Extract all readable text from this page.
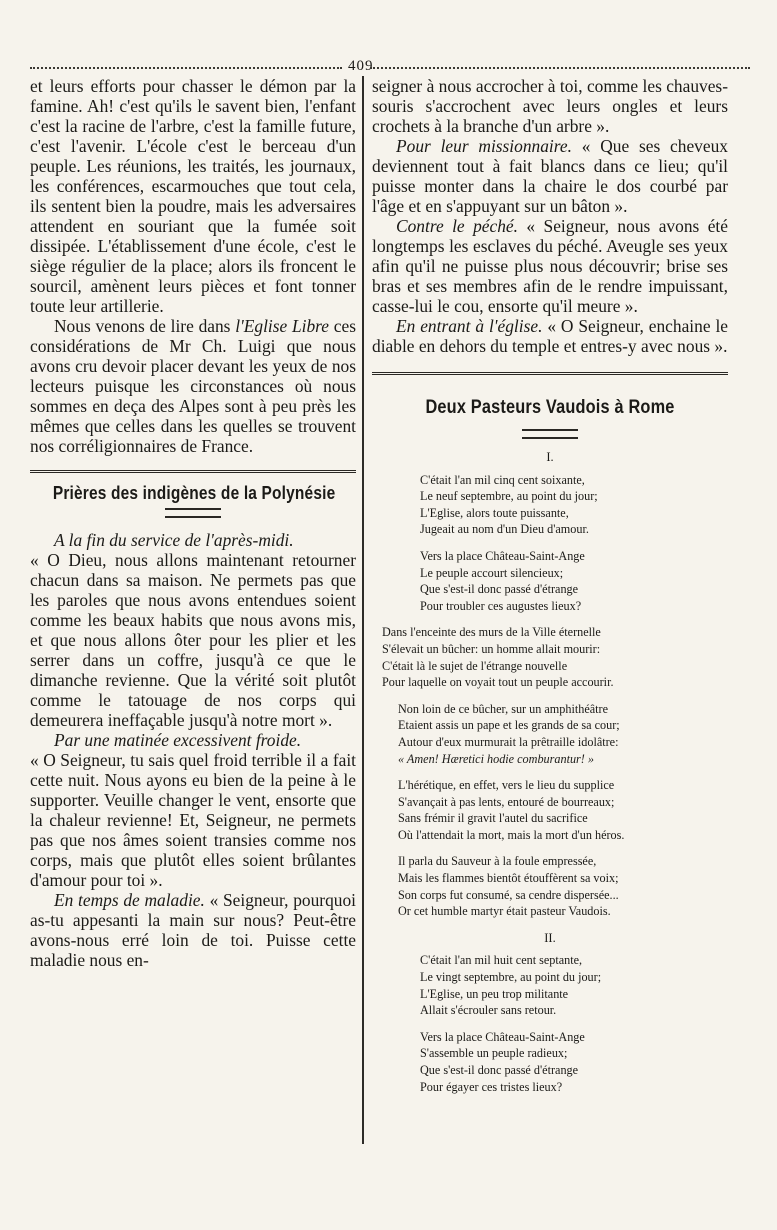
409

et leurs efforts pour chasser le démon par la famine. Ah! c'est qu'ils le savent bien, l'enfant c'est la racine de l'arbre, c'est la famille future, c'est l'avenir. L'école c'est le berceau d'un peuple. Les réunions, les traités, les journaux, les conférences, escarmouches que tout cela, ils sentent bien la poudre, mais les adversaires attendent en souriant que la fumée soit dissipée. L'établissement d'une école, c'est le siège régulier de la place; alors ils froncent le sourcil, amènent leurs pièces et font tonner toute leur artillerie.

Nous venons de lire dans l'Eglise Libre ces considérations de Mr Ch. Luigi que nous avons cru devoir placer devant les yeux de nos lecteurs puisque les circonstances où nous sommes en deça des Alpes sont à peu près les mêmes que celles dans les quelles se trouvent nos corréligionnaires de France.

Prières des indigènes de la Polynésie

A la fin du service de l'après-midi.

« O Dieu, nous allons maintenant retourner chacun dans sa maison. Ne permets pas que les paroles que nous avons entendues soient comme les beaux habits que nous avons mis, et que nous allons ôter pour les plier et les serrer dans un coffre, jusqu'à ce que le dimanche revienne. Que la vérité soit plutôt comme le tatouage de nos corps qui demeurera ineffaçable jusqu'à notre mort ».

Par une matinée excessivent froide.

« O Seigneur, tu sais quel froid terrible il a fait cette nuit. Nous ayons eu bien de la peine à le supporter. Veuille changer le vent, ensorte que la chaleur revienne! Et, Seigneur, ne permets pas que nos âmes soient transies comme nos corps, mais que plutôt elles soient brûlantes d'amour pour toi ».

En temps de maladie. « Seigneur, pourquoi as-tu appesanti la main sur nous? Peut-être avons-nous erré loin de toi. Puisse cette maladie nous en-

seigner à nous accrocher à toi, comme les chauves-souris s'accrochent avec leurs ongles et leurs crochets à la branche d'un arbre ».

Pour leur missionnaire. « Que ses cheveux deviennent tout à fait blancs dans ce lieu; qu'il puisse monter dans la chaire le dos courbé par l'âge et en s'appuyant sur un bâton ».

Contre le péché. « Seigneur, nous avons été longtemps les esclaves du péché. Aveugle ses yeux afin qu'il ne puisse plus nous découvrir; brise ses bras et ses membres afin de le rendre impuissant, casse-lui le cou, ensorte qu'il meure ».

En entrant à l'église. « O Seigneur, enchaine le diable en dehors du temple et entres-y avec nous ».

Deux Pasteurs Vaudois à Rome
I.
C'était l'an mil cinq cent soixante,
Le neuf septembre, au point du jour;
L'Eglise, alors toute puissante,
Jugeait au nom d'un Dieu d'amour.
Vers la place Château-Saint-Ange
Le peuple accourt silencieux;
Que s'est-il donc passé d'étrange
Pour troubler ces augustes lieux?
Dans l'enceinte des murs de la Ville éternelle
S'élevait un bûcher: un homme allait mourir:
C'était là le sujet de l'étrange nouvelle
Pour laquelle on voyait tout un peuple accourir.
Non loin de ce bûcher, sur un amphithéâtre
Etaient assis un pape et les grands de sa cour;
Autour d'eux murmurait la prêtraille idolâtre:
« Amen! Hæretici hodie comburantur! »
L'hérétique, en effet, vers le lieu du supplice
S'avançait à pas lents, entouré de bourreaux;
Sans frémir il gravit l'autel du sacrifice
Où l'attendait la mort, mais la mort d'un héros.
Il parla du Sauveur à la foule empressée,
Mais les flammes bientôt étouffèrent sa voix;
Son corps fut consumé, sa cendre dispersée...
Or cet humble martyr était pasteur Vaudois.
II.
C'était l'an mil huit cent septante,
Le vingt septembre, au point du jour;
L'Eglise, un peu trop militante
Allait s'écrouler sans retour.
Vers la place Château-Saint-Ange
S'assemble un peuple radieux;
Que s'est-il donc passé d'étrange
Pour égayer ces tristes lieux?
